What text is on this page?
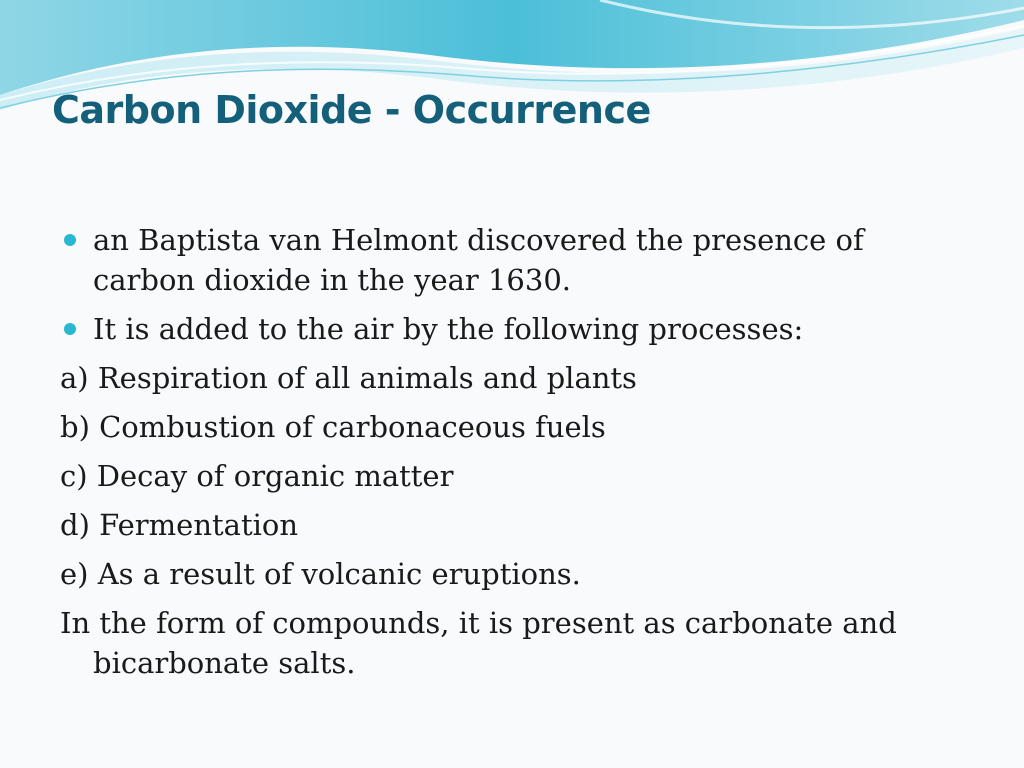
Carbon Dioxide - Occurrence
an Baptista van Helmont discovered the presence of carbon dioxide in the year 1630.
It is added to the air by the following processes:
a) Respiration of all animals and plants
b) Combustion of carbonaceous fuels
c) Decay of organic matter
d) Fermentation
e) As a result of volcanic eruptions.
In the form of compounds, it is present as carbonate and bicarbonate salts.
